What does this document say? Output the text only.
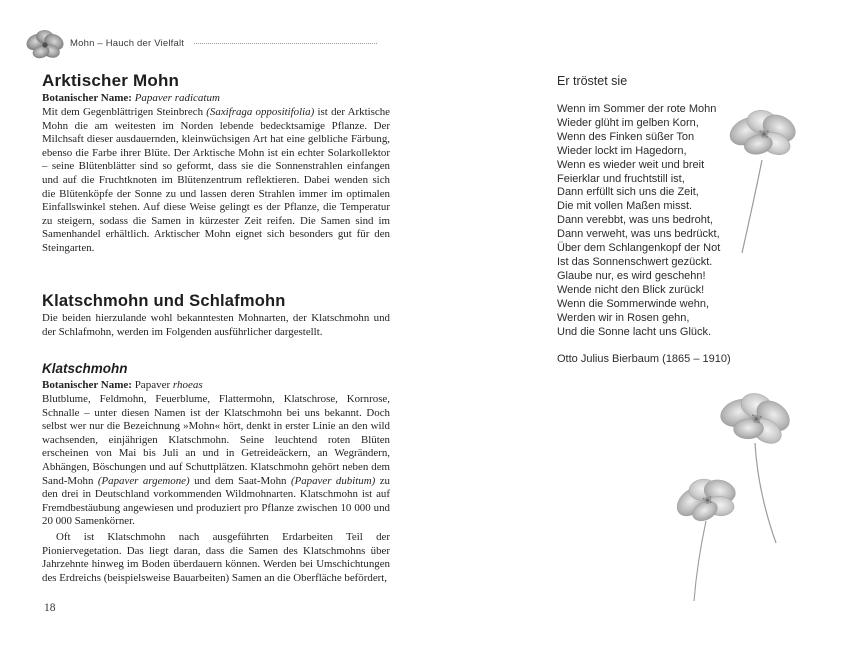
Mohn – Hauch der Vielfalt
Arktischer Mohn
Botanischer Name: Papaver radicatum
Mit dem Gegenblättrigen Steinbrech (Saxifraga oppositifolia) ist der Arktische Mohn die am weitesten im Norden lebende bedecktsamige Pflanze. Der Milchsaft dieser ausdauernden, kleinwüchsigen Art hat eine gelbliche Färbung, ebenso die Farbe ihrer Blüte. Der Arktische Mohn ist ein echter Solarkollektor – seine Blütenblätter sind so geformt, dass sie die Sonnenstrahlen einfangen und auf die Fruchtknoten im Blütenzentrum reflektieren. Dabei wenden sich die Blütenköpfe der Sonne zu und lassen deren Strahlen immer im optimalen Einfallswinkel stehen. Auf diese Weise gelingt es der Pflanze, die Temperatur zu steigern, sodass die Samen in kürzester Zeit reifen. Die Samen sind im Samenhandel erhältlich. Arktischer Mohn eignet sich besonders gut für den Steingarten.
Klatschmohn und Schlafmohn
Die beiden hierzulande wohl bekanntesten Mohnarten, der Klatschmohn und der Schlafmohn, werden im Folgenden ausführlicher dargestellt.
Klatschmohn
Botanischer Name: Papaver rhoeas
Blutblume, Feldmohn, Feuerblume, Flattermohn, Klatschrose, Kornrose, Schnalle – unter diesen Namen ist der Klatschmohn bei uns bekannt. Doch selbst wer nur die Bezeichnung »Mohn« hört, denkt in erster Linie an den wild wachsenden, einjährigen Klatschmohn. Seine leuchtend roten Blüten erscheinen von Mai bis Juli an und in Getreideäckern, an Wegrändern, Abhängen, Böschungen und auf Schuttplätzen. Klatschmohn gehört neben dem Sand-Mohn (Papaver argemone) und dem Saat-Mohn (Papaver dubitum) zu den drei in Deutschland vorkommenden Wildmohnarten. Klatschmohn ist auf Fremdbestäubung angewiesen und produziert pro Pflanze zwischen 10 000 und 20 000 Samenkörner.
Oft ist Klatschmohn nach ausgeführten Erdarbeiten Teil der Pioniervegetation. Das liegt daran, dass die Samen des Klatschmohns über Jahrzehnte hinweg im Boden überdauern können. Werden bei Umschichtungen des Erdreichs (beispielsweise Bauarbeiten) Samen an die Oberfläche befördert,
Er tröstet sie
Wenn im Sommer der rote Mohn
Wieder glüht im gelben Korn,
Wenn des Finken süßer Ton
Wieder lockt im Hagedorn,
Wenn es wieder weit und breit
Feierklar und fruchtstill ist,
Dann erfüllt sich uns die Zeit,
Die mit vollen Maßen misst.
Dann verebbt, was uns bedroht,
Dann verweht, was uns bedrückt,
Über dem Schlangenkopf der Not
Ist das Sonnenschwert gezückt.
Glaube nur, es wird geschehn!
Wende nicht den Blick zurück!
Wenn die Sommerwinde wehn,
Werden wir in Rosen gehn,
Und die Sonne lacht uns Glück.
Otto Julius Bierbaum (1865 – 1910)
18
